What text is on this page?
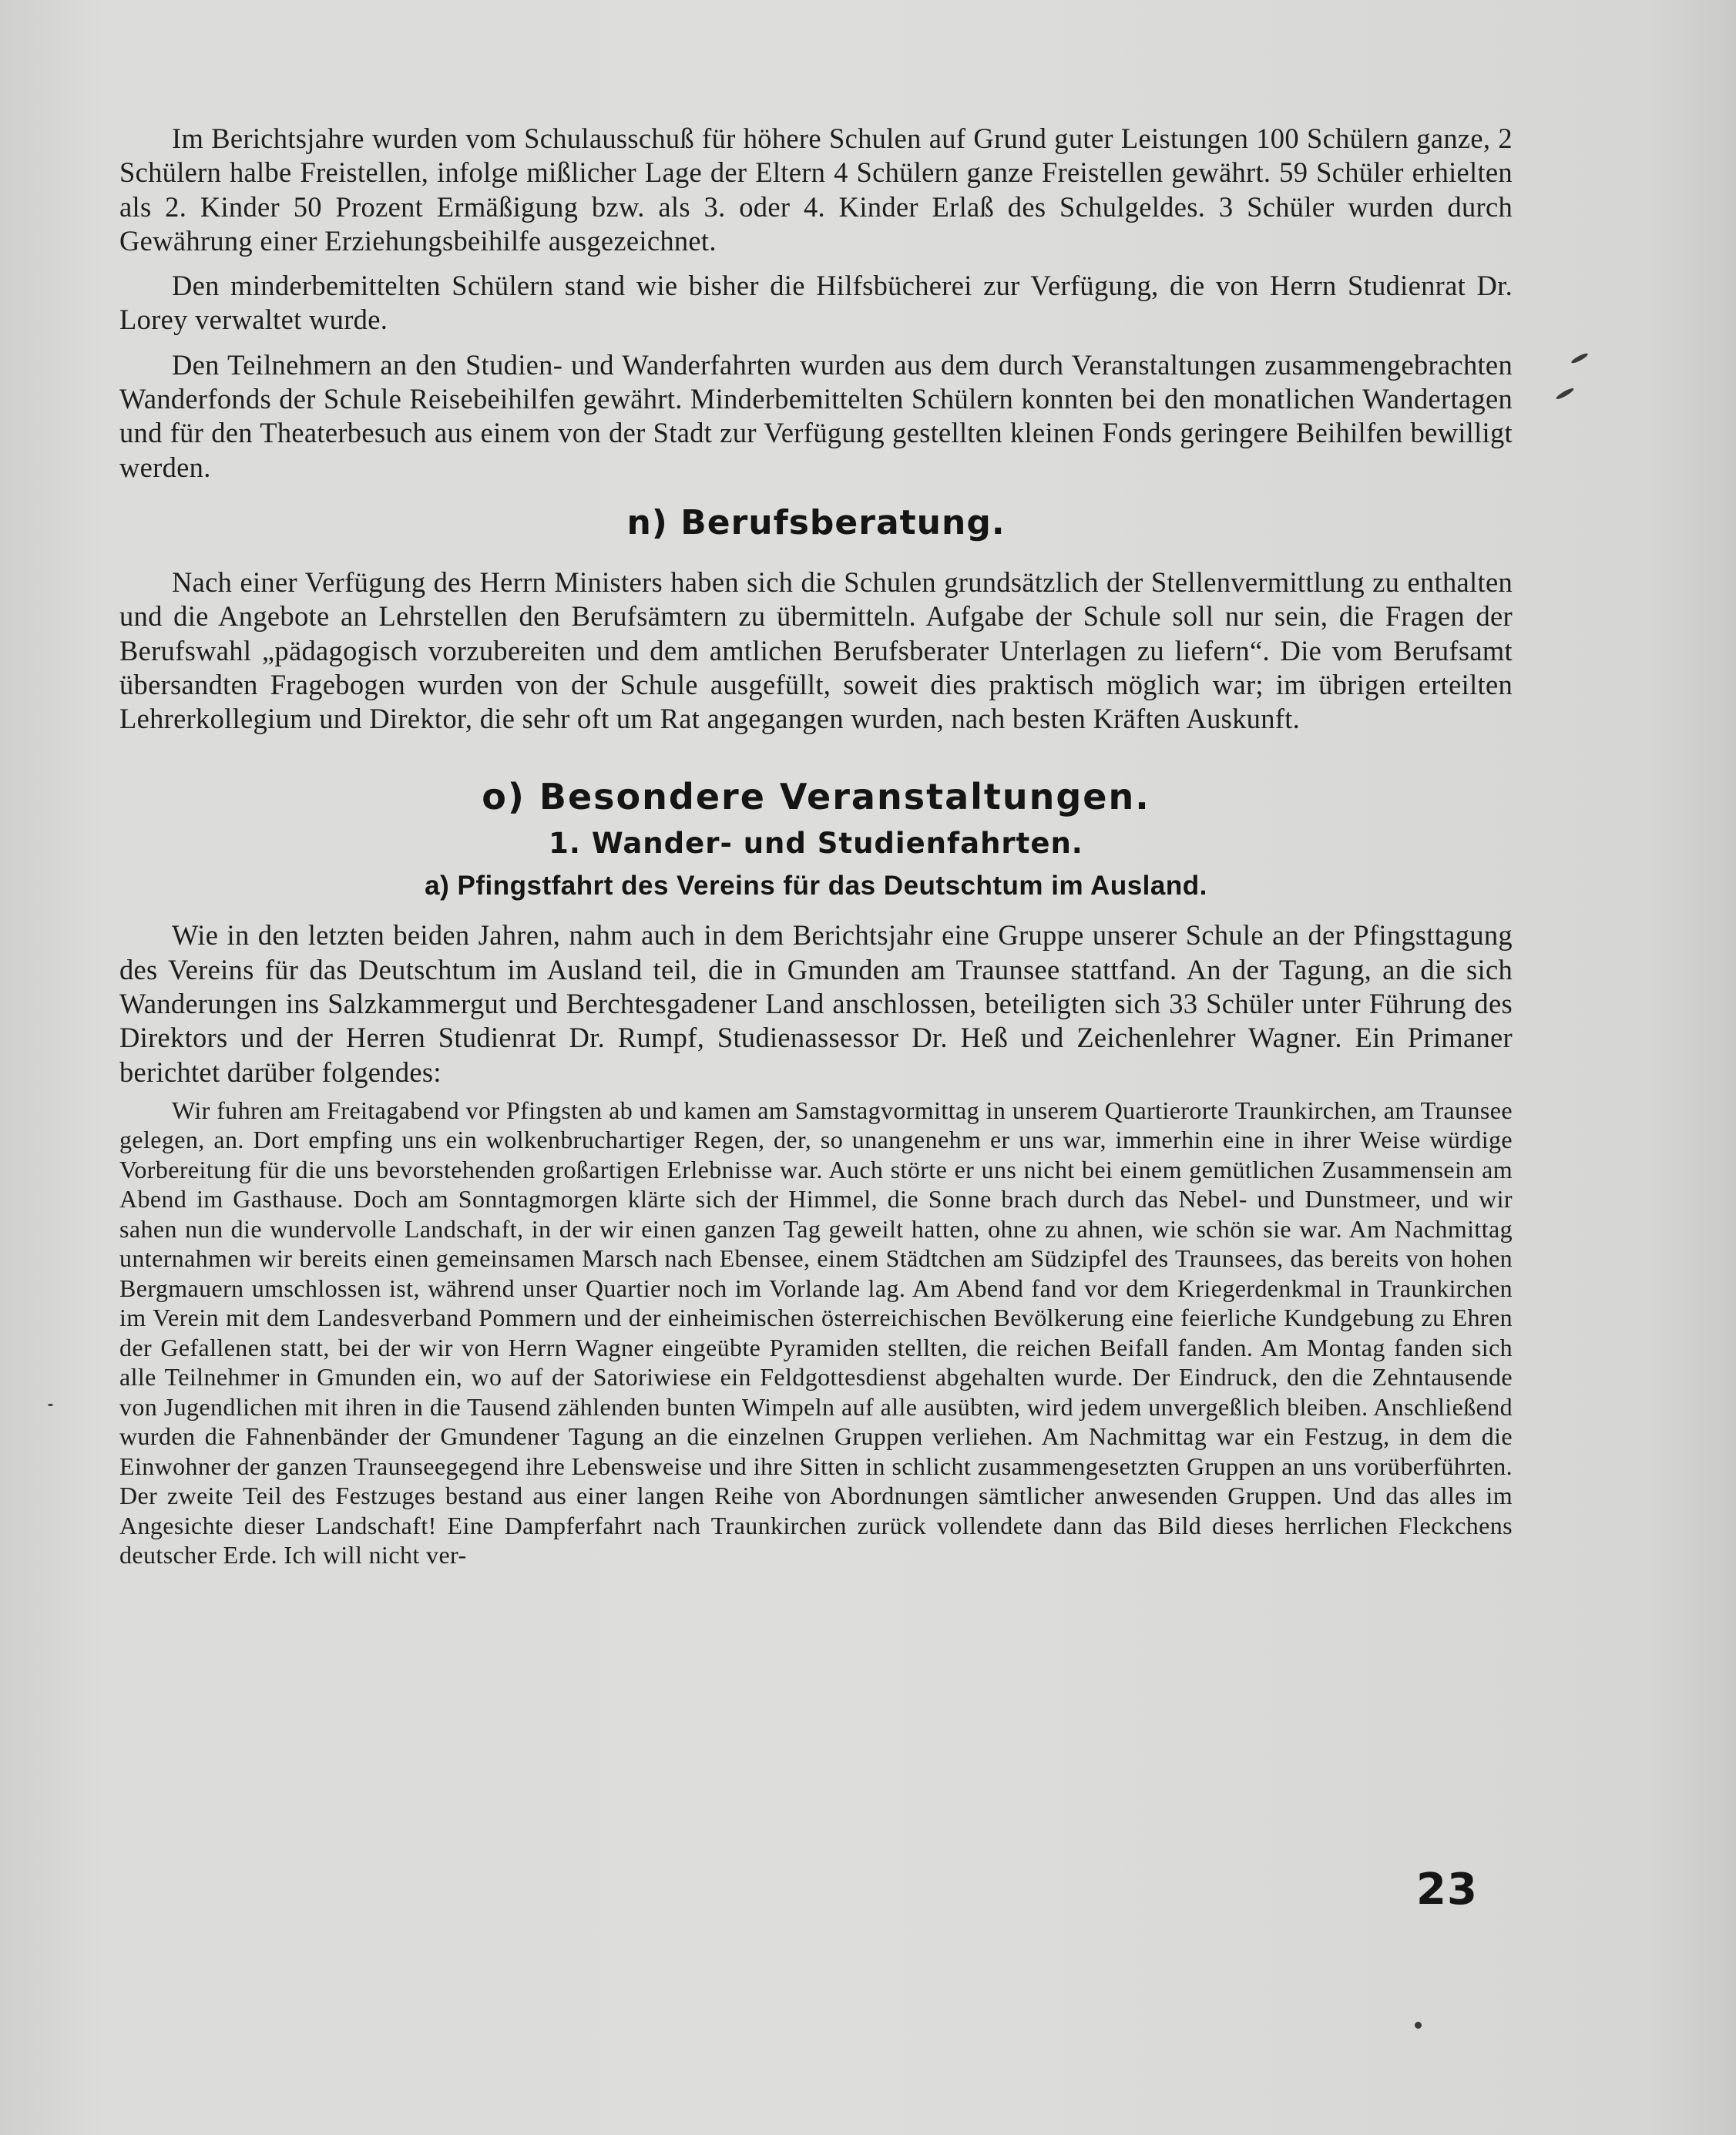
Im Berichtsjahre wurden vom Schulausschuß für höhere Schulen auf Grund guter Leistungen 100 Schülern ganze, 2 Schülern halbe Freistellen, infolge mißlicher Lage der Eltern 4 Schülern ganze Freistellen gewährt. 59 Schüler erhielten als 2. Kinder 50 Prozent Ermäßigung bzw. als 3. oder 4. Kinder Erlaß des Schulgeldes. 3 Schüler wurden durch Gewährung einer Erziehungsbeihilfe ausgezeichnet.

Den minderbemittelten Schülern stand wie bisher die Hilfsbücherei zur Verfügung, die von Herrn Studienrat Dr. Lorey verwaltet wurde.

Den Teilnehmern an den Studien- und Wanderfahrten wurden aus dem durch Veranstaltungen zusammengebrachten Wanderfonds der Schule Reisebeihilfen gewährt. Minderbemittelten Schülern konnten bei den monatlichen Wandertagen und für den Theaterbesuch aus einem von der Stadt zur Verfügung gestellten kleinen Fonds geringere Beihilfen bewilligt werden.

n) Berufsberatung.

Nach einer Verfügung des Herrn Ministers haben sich die Schulen grundsätzlich der Stellenvermittlung zu enthalten und die Angebote an Lehrstellen den Berufsämtern zu übermitteln. Aufgabe der Schule soll nur sein, die Fragen der Berufswahl „pädagogisch vorzubereiten und dem amtlichen Berufsberater Unterlagen zu liefern“. Die vom Berufsamt übersandten Fragebogen wurden von der Schule ausgefüllt, soweit dies praktisch möglich war; im übrigen erteilten Lehrerkollegium und Direktor, die sehr oft um Rat angegangen wurden, nach besten Kräften Auskunft.

o) Besondere Veranstaltungen.
1. Wander- und Studienfahrten.
a) Pfingstfahrt des Vereins für das Deutschtum im Ausland.

Wie in den letzten beiden Jahren, nahm auch in dem Berichtsjahr eine Gruppe unserer Schule an der Pfingsttagung des Vereins für das Deutschtum im Ausland teil, die in Gmunden am Traunsee stattfand. An der Tagung, an die sich Wanderungen ins Salzkammergut und Berchtesgadener Land anschlossen, beteiligten sich 33 Schüler unter Führung des Direktors und der Herren Studienrat Dr. Rumpf, Studienassessor Dr. Heß und Zeichenlehrer Wagner. Ein Primaner berichtet darüber folgendes:

Wir fuhren am Freitagabend vor Pfingsten ab und kamen am Samstagvormittag in unserem Quartierorte Traunkirchen, am Traunsee gelegen, an. Dort empfing uns ein wolkenbruchartiger Regen, der, so unangenehm er uns war, immerhin eine in ihrer Weise würdige Vorbereitung für die uns bevorstehenden großartigen Erlebnisse war. Auch störte er uns nicht bei einem gemütlichen Zusammensein am Abend im Gasthause. Doch am Sonntagmorgen klärte sich der Himmel, die Sonne brach durch das Nebel- und Dunstmeer, und wir sahen nun die wundervolle Landschaft, in der wir einen ganzen Tag geweilt hatten, ohne zu ahnen, wie schön sie war. Am Nachmittag unternahmen wir bereits einen gemeinsamen Marsch nach Ebensee, einem Städtchen am Südzipfel des Traunsees, das bereits von hohen Bergmauern umschlossen ist, während unser Quartier noch im Vorlande lag. Am Abend fand vor dem Kriegerdenkmal in Traunkirchen im Verein mit dem Landesverband Pommern und der einheimischen österreichischen Bevölkerung eine feierliche Kundgebung zu Ehren der Gefallenen statt, bei der wir von Herrn Wagner eingeübte Pyramiden stellten, die reichen Beifall fanden. Am Montag fanden sich alle Teilnehmer in Gmunden ein, wo auf der Satoriwiese ein Feldgottesdienst abgehalten wurde. Der Eindruck, den die Zehntausende von Jugendlichen mit ihren in die Tausend zählenden bunten Wimpeln auf alle ausübten, wird jedem unvergeßlich bleiben. Anschließend wurden die Fahnenbänder der Gmundener Tagung an die einzelnen Gruppen verliehen. Am Nachmittag war ein Festzug, in dem die Einwohner der ganzen Traunseegegend ihre Lebensweise und ihre Sitten in schlicht zusammengesetzten Gruppen an uns vorüberführten. Der zweite Teil des Festzuges bestand aus einer langen Reihe von Abordnungen sämtlicher anwesenden Gruppen. Und das alles im Angesichte dieser Landschaft! Eine Dampferfahrt nach Traunkirchen zurück vollendete dann das Bild dieses herrlichen Fleckchens deutscher Erde. Ich will nicht ver-

23
